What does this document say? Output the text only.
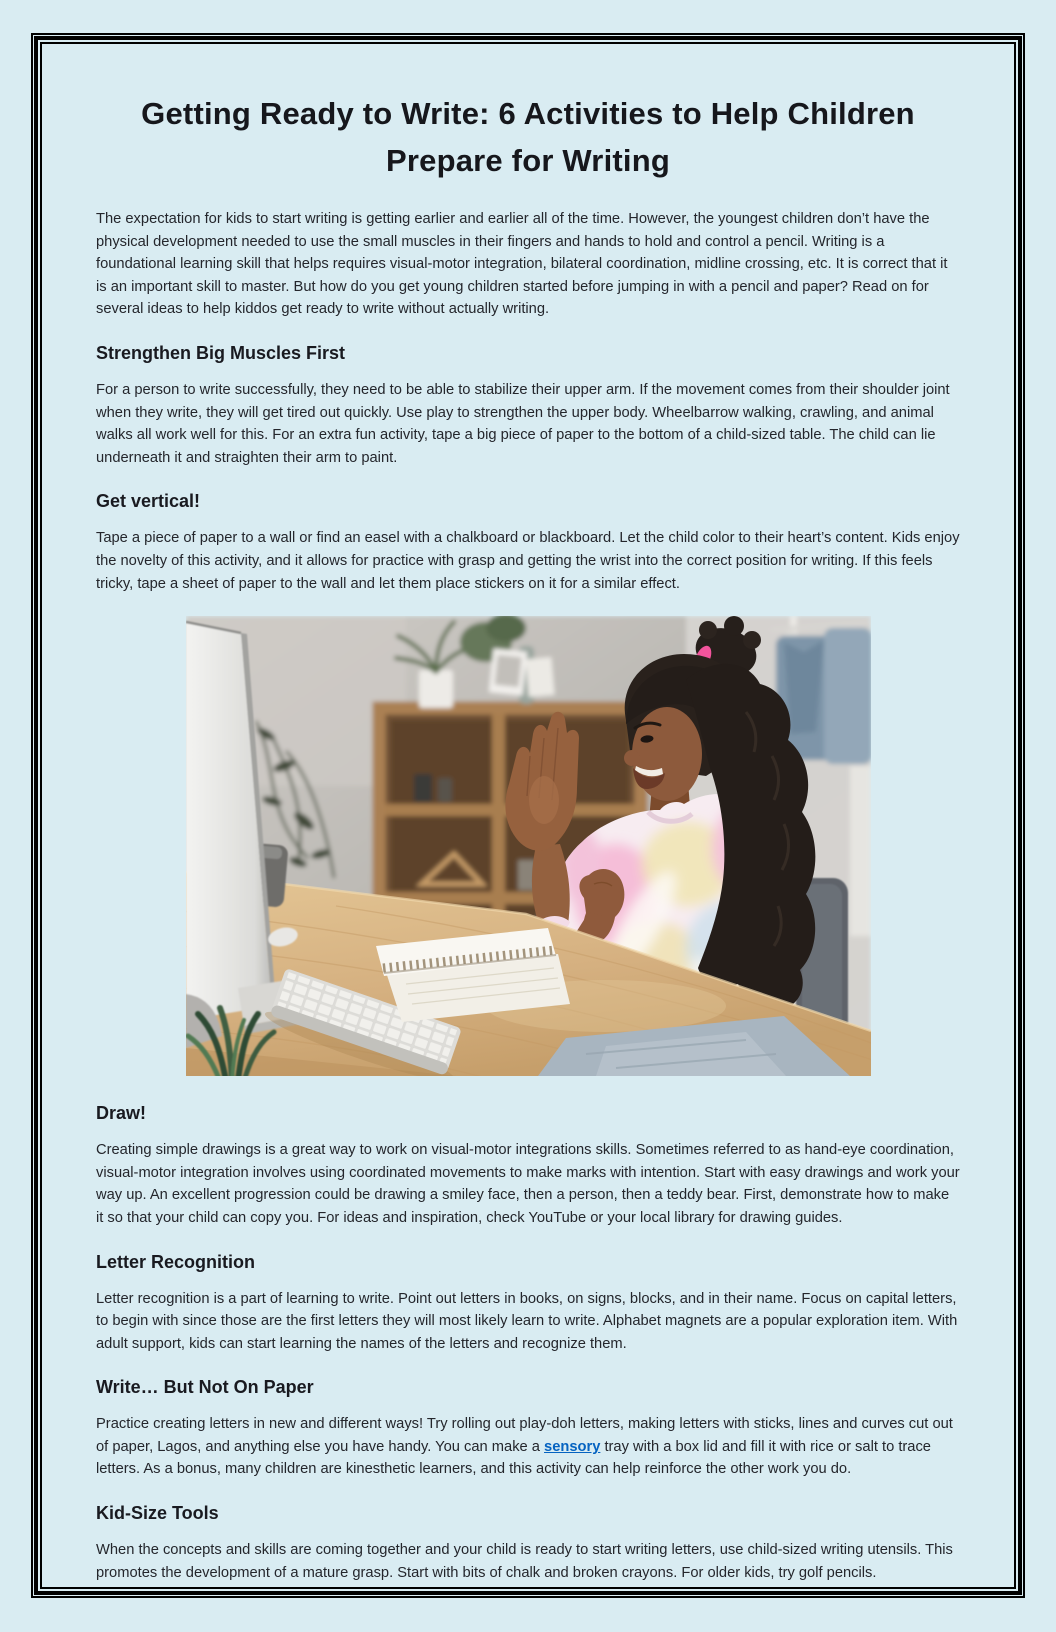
Getting Ready to Write: 6 Activities to Help Children Prepare for Writing

The expectation for kids to start writing is getting earlier and earlier all of the time. However, the youngest children don’t have the physical development needed to use the small muscles in their fingers and hands to hold and control a pencil. Writing is a foundational learning skill that helps requires visual-motor integration, bilateral coordination, midline crossing, etc. It is correct that it is an important skill to master. But how do you get young children started before jumping in with a pencil and paper? Read on for several ideas to help kiddos get ready to write without actually writing.

Strengthen Big Muscles First

For a person to write successfully, they need to be able to stabilize their upper arm. If the movement comes from their shoulder joint when they write, they will get tired out quickly. Use play to strengthen the upper body. Wheelbarrow walking, crawling, and animal walks all work well for this. For an extra fun activity, tape a big piece of paper to the bottom of a child-sized table. The child can lie underneath it and straighten their arm to paint.

Get vertical!

Tape a piece of paper to a wall or find an easel with a chalkboard or blackboard. Let the child color to their heart’s content. Kids enjoy the novelty of this activity, and it allows for practice with grasp and getting the wrist into the correct position for writing. If this feels tricky, tape a sheet of paper to the wall and let them place stickers on it for a similar effect.

Draw!

Creating simple drawings is a great way to work on visual-motor integrations skills. Sometimes referred to as hand-eye coordination, visual-motor integration involves using coordinated movements to make marks with intention. Start with easy drawings and work your way up. An excellent progression could be drawing a smiley face, then a person, then a teddy bear. First, demonstrate how to make it so that your child can copy you. For ideas and inspiration, check YouTube or your local library for drawing guides.

Letter Recognition

Letter recognition is a part of learning to write. Point out letters in books, on signs, blocks, and in their name. Focus on capital letters, to begin with since those are the first letters they will most likely learn to write. Alphabet magnets are a popular exploration item. With adult support, kids can start learning the names of the letters and recognize them.

Write… But Not On Paper

Practice creating letters in new and different ways! Try rolling out play-doh letters, making letters with sticks, lines and curves cut out of paper, Lagos, and anything else you have handy. You can make a sensory tray with a box lid and fill it with rice or salt to trace letters. As a bonus, many children are kinesthetic learners, and this activity can help reinforce the other work you do.

Kid-Size Tools

When the concepts and skills are coming together and your child is ready to start writing letters, use child-sized writing utensils. This promotes the development of a mature grasp. Start with bits of chalk and broken crayons. For older kids, try golf pencils.
